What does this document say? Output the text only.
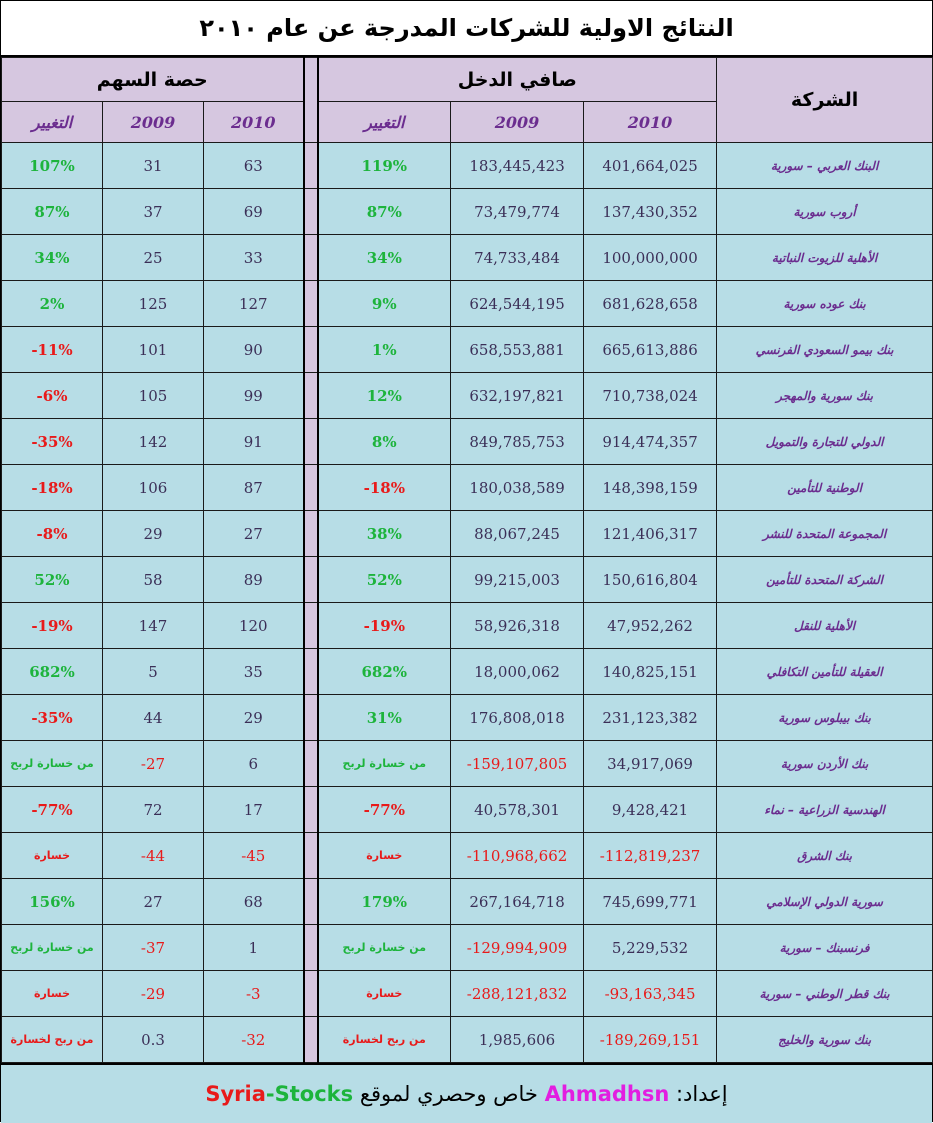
النتائج الاولية للشركات المدرجة عن عام ٢٠١٠
حصة السهم				صافي الدخل			الشركة
التغيير	2009	2010		التغيير	2009	2010	
107%	31	63		119%	183,445,423	401,664,025	البنك العربي – سورية
87%	37	69		87%	73,479,774	137,430,352	أروب سورية
34%	25	33		34%	74,733,484	100,000,000	الأهلية للزيوت النباتية
2%	125	127		9%	624,544,195	681,628,658	بنك عوده سورية
-11%	101	90		1%	658,553,881	665,613,886	بنك بيمو السعودي الفرنسي
-6%	105	99		12%	632,197,821	710,738,024	بنك سورية والمهجر
-35%	142	91		8%	849,785,753	914,474,357	الدولي للتجارة والتمويل
-18%	106	87		-18%	180,038,589	148,398,159	الوطنية للتأمين
-8%	29	27		38%	88,067,245	121,406,317	المجموعة المتحدة للنشر
52%	58	89		52%	99,215,003	150,616,804	الشركة المتحدة للتأمين
-19%	147	120		-19%	58,926,318	47,952,262	الأهلية للنقل
682%	5	35		682%	18,000,062	140,825,151	العقيلة للتأمين التكافلي
-35%	44	29		31%	176,808,018	231,123,382	بنك بيبلوس سورية
من خسارة لربح	-27	6		من خسارة لربح	-159,107,805	34,917,069	بنك الأردن سورية
-77%	72	17		-77%	40,578,301	9,428,421	الهندسية الزراعية – نماء
خسارة	-44	-45		خسارة	-110,968,662	-112,819,237	بنك الشرق
156%	27	68		179%	267,164,718	745,699,771	سورية الدولي الإسلامي
من خسارة لربح	-37	1		من خسارة لربح	-129,994,909	5,229,532	فرنسبنك – سورية
خسارة	-29	-3		خسارة	-288,121,832	-93,163,345	بنك قطر الوطني – سورية
من ربح لخسارة	0.3	-32		من ربح لخسارة	1,985,606	-189,269,151	بنك سورية والخليج
إعداد: Ahmadhsn خاص وحصري لموقع Syria-Stocks
